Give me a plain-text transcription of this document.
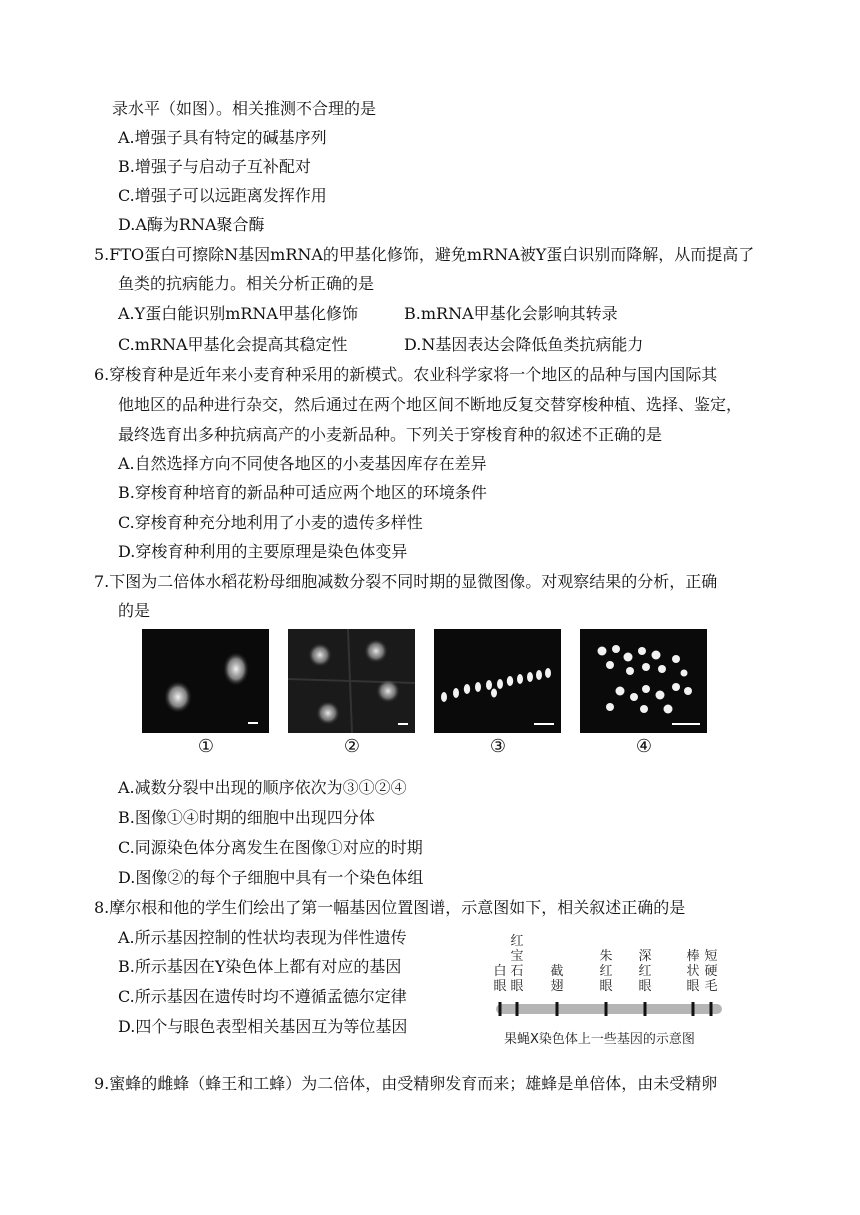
录水平（如图）。相关推测不合理的是
A.增强子具有特定的碱基序列
B.增强子与启动子互补配对
C.增强子可以远距离发挥作用
D.A酶为RNA聚合酶
5.FTO蛋白可擦除N基因mRNA的甲基化修饰，避免mRNA被Y蛋白识别而降解，从而提高了
鱼类的抗病能力。相关分析正确的是
A.Y蛋白能识别mRNA甲基化修饰	B.mRNA甲基化会影响其转录
C.mRNA甲基化会提高其稳定性	D.N基因表达会降低鱼类抗病能力
6.穿梭育种是近年来小麦育种采用的新模式。农业科学家将一个地区的品种与国内国际其
他地区的品种进行杂交，然后通过在两个地区间不断地反复交替穿梭种植、选择、鉴定，
最终选育出多种抗病高产的小麦新品种。下列关于穿梭育种的叙述不正确的是
A.自然选择方向不同使各地区的小麦基因库存在差异
B.穿梭育种培育的新品种可适应两个地区的环境条件
C.穿梭育种充分地利用了小麦的遗传多样性
D.穿梭育种利用的主要原理是染色体变异
7.下图为二倍体水稻花粉母细胞减数分裂不同时期的显微图像。对观察结果的分析，正确
的是
①	②	③	④
A.减数分裂中出现的顺序依次为③①②④
B.图像①④时期的细胞中出现四分体
C.同源染色体分离发生在图像①对应的时期
D.图像②的每个子细胞中具有一个染色体组
8.摩尔根和他的学生们绘出了第一幅基因位置图谱，示意图如下，相关叙述正确的是
A.所示基因控制的性状均表现为伴性遗传
B.所示基因在Y染色体上都有对应的基因
C.所示基因在遗传时均不遵循孟德尔定律
D.四个与眼色表型相关基因互为等位基因
白
眼
红
宝
石
眼
截
翅
朱
红
眼
深
红
眼
棒
状
眼
短
硬
毛
果蝇X染色体上一些基因的示意图
9.蜜蜂的雌蜂（蜂王和工蜂）为二倍体，由受精卵发育而来；雄蜂是单倍体，由未受精卵
